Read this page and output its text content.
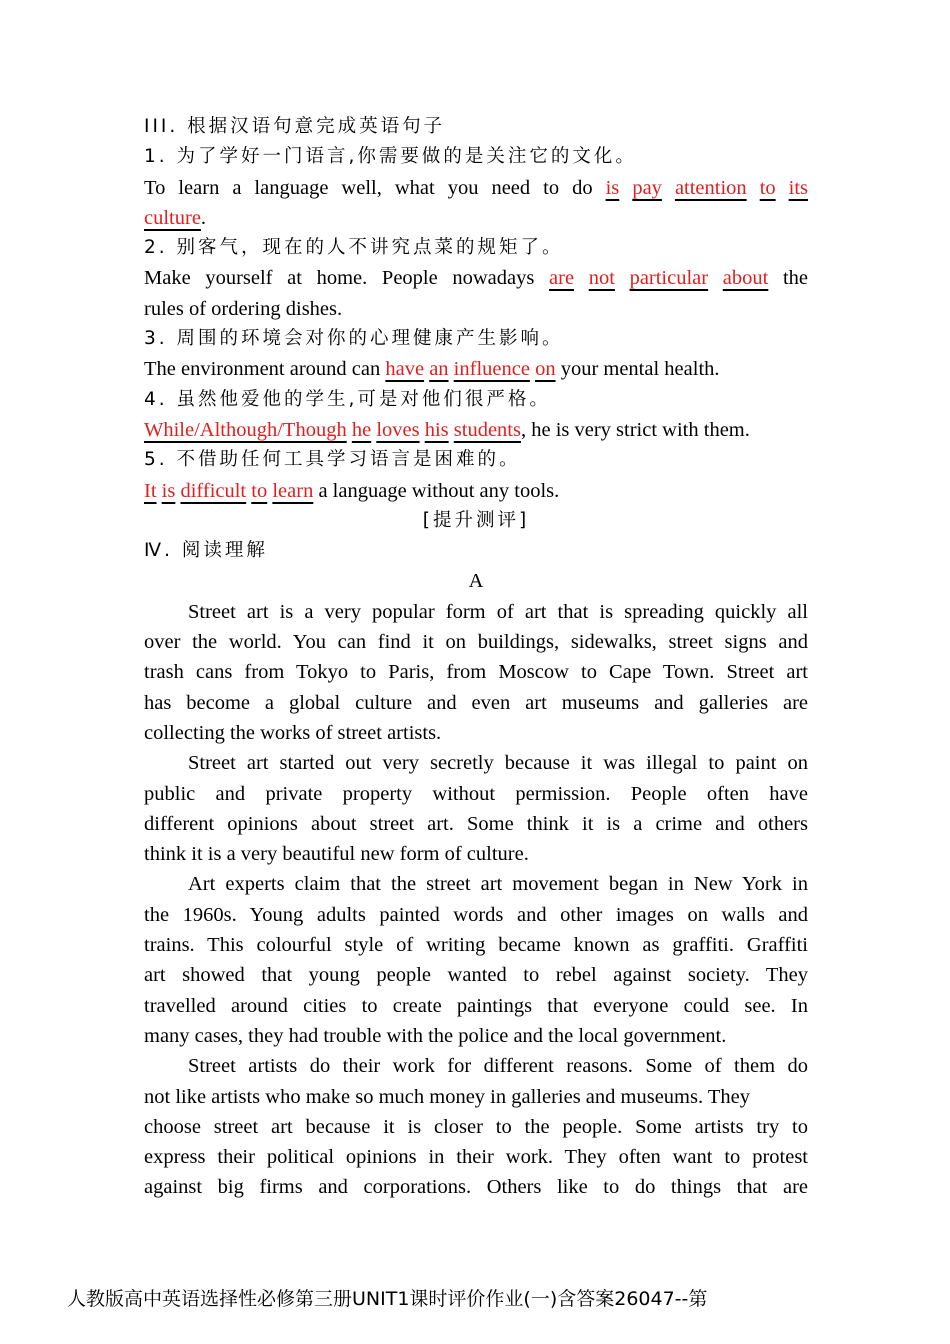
III. 根据汉语句意完成英语句子
1. 为了学好一门语言,你需要做的是关注它的文化。
To learn a language well, what you need to do is pay attention to its
culture.
2. 别客气，现在的人不讲究点菜的规矩了。
Make yourself at home. People nowadays are not particular about the
rules of ordering dishes.
3. 周围的环境会对你的心理健康产生影响。
The environment around can have an influence on your mental health.
4. 虽然他爱他的学生,可是对他们很严格。
While/Although/Though he loves his students, he is very strict with them.
5. 不借助任何工具学习语言是困难的。
It is difficult to learn a language without any tools.
[提升测评]
Ⅳ. 阅读理解
A
Street art is a very popular form of art that is spreading quickly all
over the world. You can find it on buildings, sidewalks, street signs and
trash cans from Tokyo to Paris, from Moscow to Cape Town. Street art
has become a global culture and even art museums and galleries are
collecting the works of street artists.
Street art started out very secretly because it was illegal to paint on
public and private property without permission. People often have
different opinions about street art. Some think it is a crime and others
think it is a very beautiful new form of culture.
Art experts claim that the street art movement began in New York in
the 1960s. Young adults painted words and other images on walls and
trains. This colourful style of writing became known as graffiti. Graffiti
art showed that young people wanted to rebel against society. They
travelled around cities to create paintings that everyone could see. In
many cases, they had trouble with the police and the local government.
Street artists do their work for different reasons. Some of them do
not like artists who make so much money in galleries and museums. They
choose street art because it is closer to the people. Some artists try to
express their political opinions in their work. They often want to protest
against big firms and corporations. Others like to do things that are
人教版高中英语选择性必修第三册UNIT1课时评价作业(一)含答案26047--第
